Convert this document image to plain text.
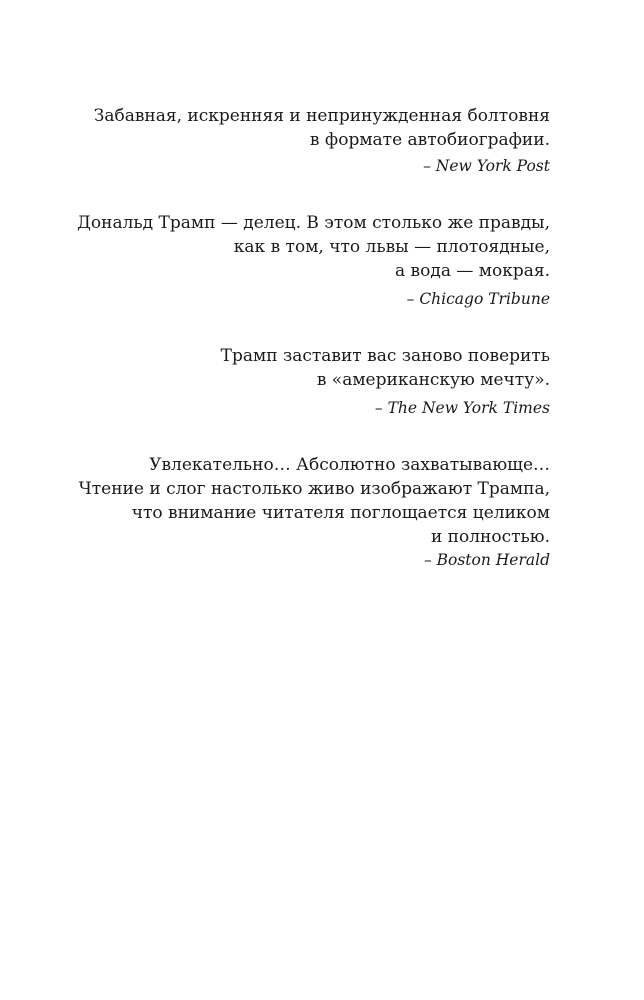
Забавная, искренняя и непринужденная болтовня
в формате автобиографии.
– New York Post
Дональд Трамп — делец. В этом столько же правды,
как в том, что львы — плотоядные,
а вода — мокрая.
– Chicago Tribune
Трамп заставит вас заново поверить
в «американскую мечту».
– The New York Times
Увлекательно… Абсолютно захватывающе…
Чтение и слог настолько живо изображают Трампа,
что внимание читателя поглощается целиком
и полностью.
– Boston Herald
